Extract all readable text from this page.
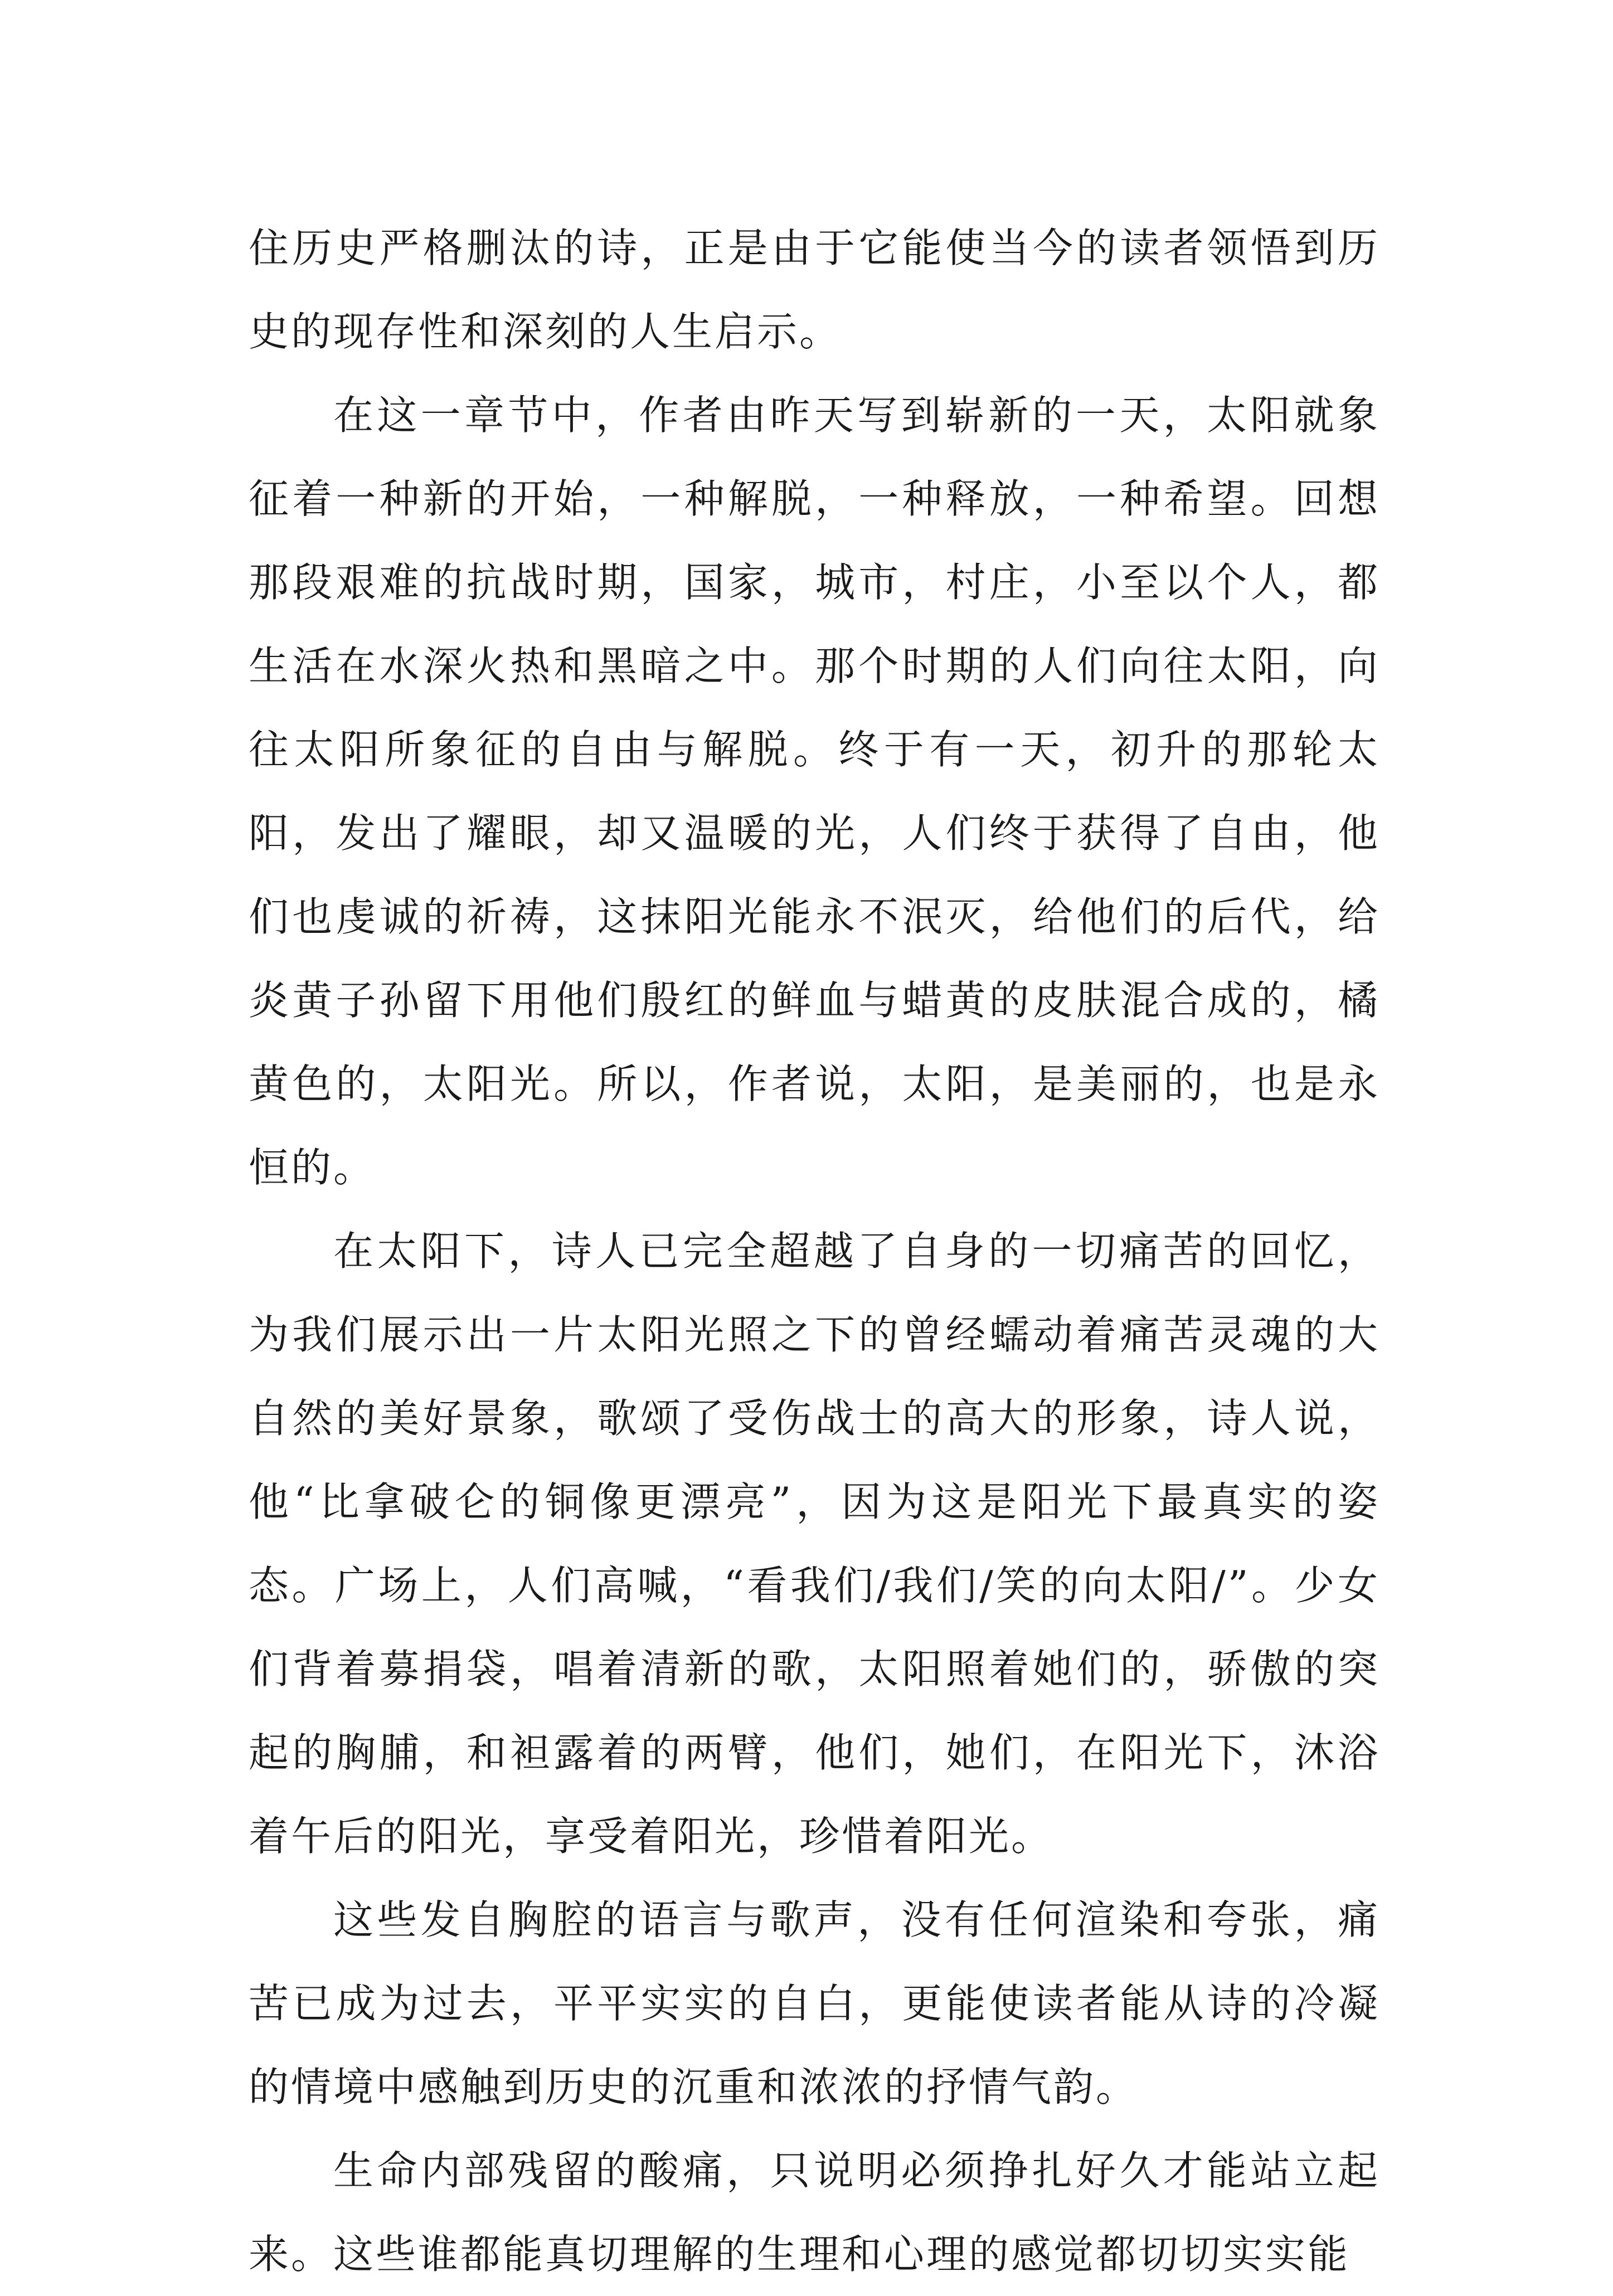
住历史严格删汰的诗，正是由于它能使当今的读者领悟到历史的现存性和深刻的人生启示。

在这一章节中，作者由昨天写到崭新的一天，太阳就象征着一种新的开始，一种解脱，一种释放，一种希望。回想那段艰难的抗战时期，国家，城市，村庄，小至以个人，都生活在水深火热和黑暗之中。那个时期的人们向往太阳，向往太阳所象征的自由与解脱。终于有一天，初升的那轮太阳，发出了耀眼，却又温暖的光，人们终于获得了自由，他们也虔诚的祈祷，这抹阳光能永不泯灭，给他们的后代，给炎黄子孙留下用他们殷红的鲜血与蜡黄的皮肤混合成的，橘黄色的，太阳光。所以，作者说，太阳，是美丽的，也是永恒的。

在太阳下，诗人已完全超越了自身的一切痛苦的回忆，为我们展示出一片太阳光照之下的曾经蠕动着痛苦灵魂的大自然的美好景象，歌颂了受伤战士的高大的形象，诗人说，他“比拿破仑的铜像更漂亮”，因为这是阳光下最真实的姿态。广场上，人们高喊，“看我们/我们/笑的向太阳/”。少女们背着募捐袋，唱着清新的歌，太阳照着她们的，骄傲的突起的胸脯，和袒露着的两臂，他们，她们，在阳光下，沐浴着午后的阳光，享受着阳光，珍惜着阳光。

这些发自胸腔的语言与歌声，没有任何渲染和夸张，痛苦已成为过去，平平实实的自白，更能使读者能从诗的冷凝的情境中感触到历史的沉重和浓浓的抒情气韵。

生命内部残留的酸痛，只说明必须挣扎好久才能站立起来。这些谁都能真切理解的生理和心理的感觉都切切实实能
